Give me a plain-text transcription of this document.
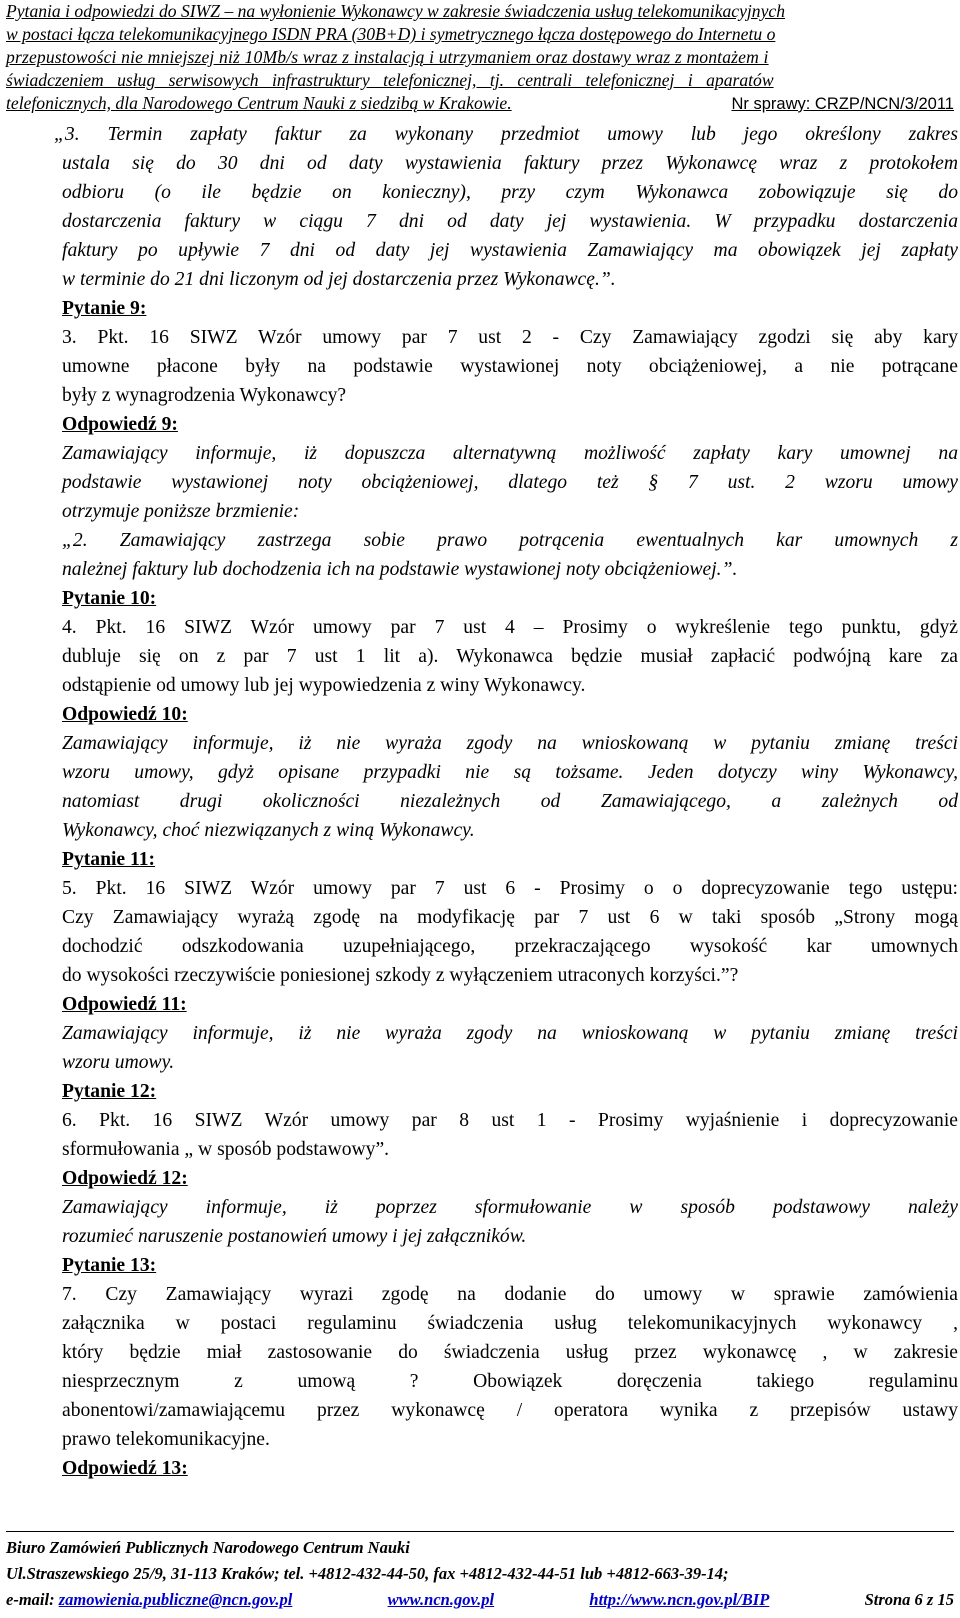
Pytania i odpowiedzi do SIWZ – na wyłonienie Wykonawcy w zakresie świadczenia usług telekomunikacyjnych
w postaci łącza telekomunikacyjnego ISDN PRA (30B+D) i symetrycznego łącza dostępowego do Internetu o
przepustowości nie mniejszej niż 10Mb/s wraz z instalacją i utrzymaniem oraz dostawy wraz z montażem i
świadczeniem usług serwisowych infrastruktury telefonicznej, tj. centrali telefonicznej i aparatów
telefonicznych, dla Narodowego Centrum Nauki z siedzibą w Krakowie.	Nr sprawy: CRZP/NCN/3/2011
„3. Termin zapłaty faktur za wykonany przedmiot umowy lub jego określony zakres
ustala się do 30 dni od daty wystawienia faktury przez Wykonawcę wraz z protokołem
odbioru (o ile będzie on konieczny), przy czym Wykonawca zobowiązuje się do
dostarczenia faktury w ciągu 7 dni od daty jej wystawienia. W przypadku dostarczenia
faktury po upływie 7 dni od daty jej wystawienia Zamawiający ma obowiązek jej zapłaty
w terminie do 21 dni liczonym od jej dostarczenia przez Wykonawcę.”.
Pytanie 9:
3. Pkt. 16 SIWZ Wzór umowy par 7 ust 2 - Czy Zamawiający zgodzi się aby kary
umowne płacone były na podstawie wystawionej noty obciążeniowej, a nie potrącane
były z wynagrodzenia Wykonawcy?
Odpowiedź 9:
Zamawiający informuje, iż dopuszcza alternatywną możliwość zapłaty kary umownej na
podstawie wystawionej noty obciążeniowej, dlatego też § 7 ust. 2 wzoru umowy
otrzymuje poniższe brzmienie:
„2. Zamawiający zastrzega sobie prawo potrącenia ewentualnych kar umownych z
należnej faktury lub dochodzenia ich na podstawie wystawionej noty obciążeniowej.”.
Pytanie 10:
4. Pkt. 16 SIWZ Wzór umowy par 7 ust 4 – Prosimy o wykreślenie tego punktu, gdyż
dubluje się on z par 7 ust 1 lit a). Wykonawca będzie musiał zapłacić podwójną kare za
odstąpienie od umowy lub jej wypowiedzenia z winy Wykonawcy.
Odpowiedź 10:
Zamawiający informuje, iż nie wyraża zgody na wnioskowaną w pytaniu zmianę treści
wzoru umowy, gdyż opisane przypadki nie są tożsame. Jeden dotyczy winy Wykonawcy,
natomiast drugi okoliczności niezależnych od Zamawiającego, a zależnych od
Wykonawcy, choć niezwiązanych z winą Wykonawcy.
Pytanie 11:
5. Pkt. 16 SIWZ Wzór umowy par 7 ust 6 - Prosimy o o doprecyzowanie tego ustępu:
Czy Zamawiający wyrażą zgodę na modyfikację par 7 ust 6 w taki sposób „Strony mogą
dochodzić odszkodowania uzupełniającego, przekraczającego wysokość kar umownych
do wysokości rzeczywiście poniesionej szkody z wyłączeniem utraconych korzyści.”?
Odpowiedź 11:
Zamawiający informuje, iż nie wyraża zgody na wnioskowaną w pytaniu zmianę treści
wzoru umowy.
Pytanie 12:
6. Pkt. 16 SIWZ Wzór umowy par 8 ust 1 - Prosimy wyjaśnienie i doprecyzowanie
sformułowania „ w sposób podstawowy”.
Odpowiedź 12:
Zamawiający informuje, iż poprzez sformułowanie w sposób podstawowy należy
rozumieć naruszenie postanowień umowy i jej załączników.
Pytanie 13:
7. Czy Zamawiający wyrazi zgodę na dodanie do umowy w sprawie zamówienia
załącznika w postaci regulaminu świadczenia usług telekomunikacyjnych wykonawcy ,
który będzie miał zastosowanie do świadczenia usług przez wykonawcę , w zakresie
niesprzecznym z umową ? Obowiązek doręczenia takiego regulaminu
abonentowi/zamawiającemu przez wykonawcę / operatora wynika z przepisów ustawy
prawo telekomunikacyjne.
Odpowiedź 13:
Biuro Zamówień Publicznych Narodowego Centrum Nauki
Ul.Straszewskiego 25/9, 31-113 Kraków; tel. +4812-432-44-50, fax +4812-432-44-51 lub +4812-663-39-14;
e-mail: zamowienia.publiczne@ncn.gov.pl	www.ncn.gov.pl	http://www.ncn.gov.pl/BIP	Strona 6 z 15
